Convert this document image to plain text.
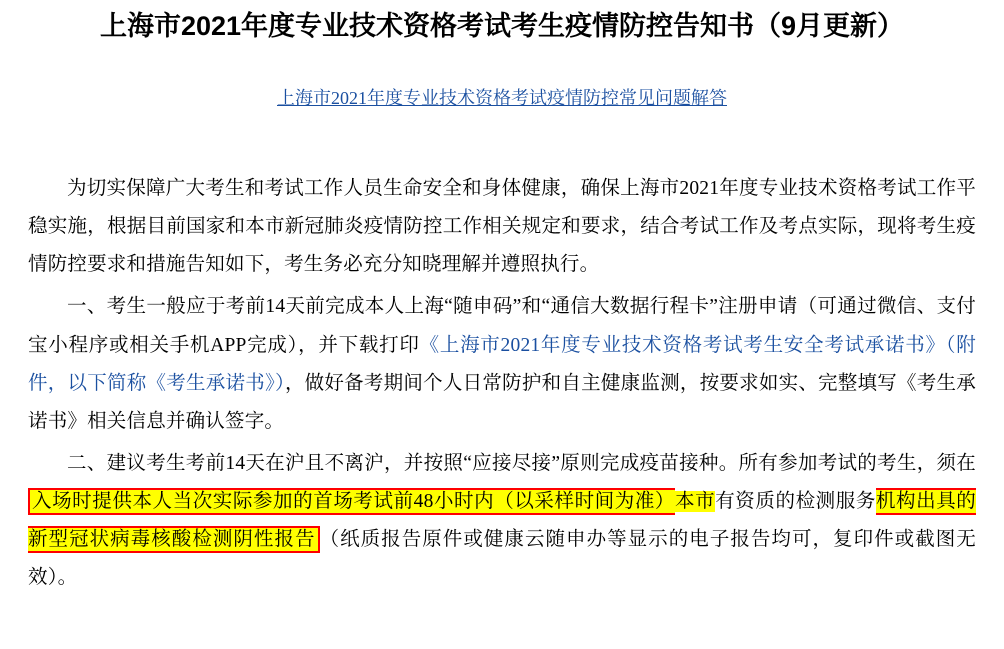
上海市2021年度专业技术资格考试考生疫情防控告知书（9月更新）
上海市2021年度专业技术资格考试疫情防控常见问题解答

为切实保障广大考生和考试工作人员生命安全和身体健康，确保上海市2021年度专业技术资格考试工作平稳实施，根据目前国家和本市新冠肺炎疫情防控工作相关规定和要求，结合考试工作及考点实际，现将考生疫情防控要求和措施告知如下，考生务必充分知晓理解并遵照执行。

一、考生一般应于考前14天前完成本人上海“随申码”和“通信大数据行程卡”注册申请（可通过微信、支付宝小程序或相关手机APP完成），并下载打印《上海市2021年度专业技术资格考试考生安全考试承诺书》（附件，以下简称《考生承诺书》），做好备考期间个人日常防护和自主健康监测，按要求如实、完整填写《考生承诺书》相关信息并确认签字。

二、建议考生考前14天在沪且不离沪，并按照“应接尽接”原则完成疫苗接种。所有参加考试的考生，须在入场时提供本人当次实际参加的首场考试前48小时内（以采样时间为准）本市有资质的检测服务机构出具的新型冠状病毒核酸检测阴性报告 （纸质报告原件或健康云随申办等显示的电子报告均可，复印件或截图无效）。
